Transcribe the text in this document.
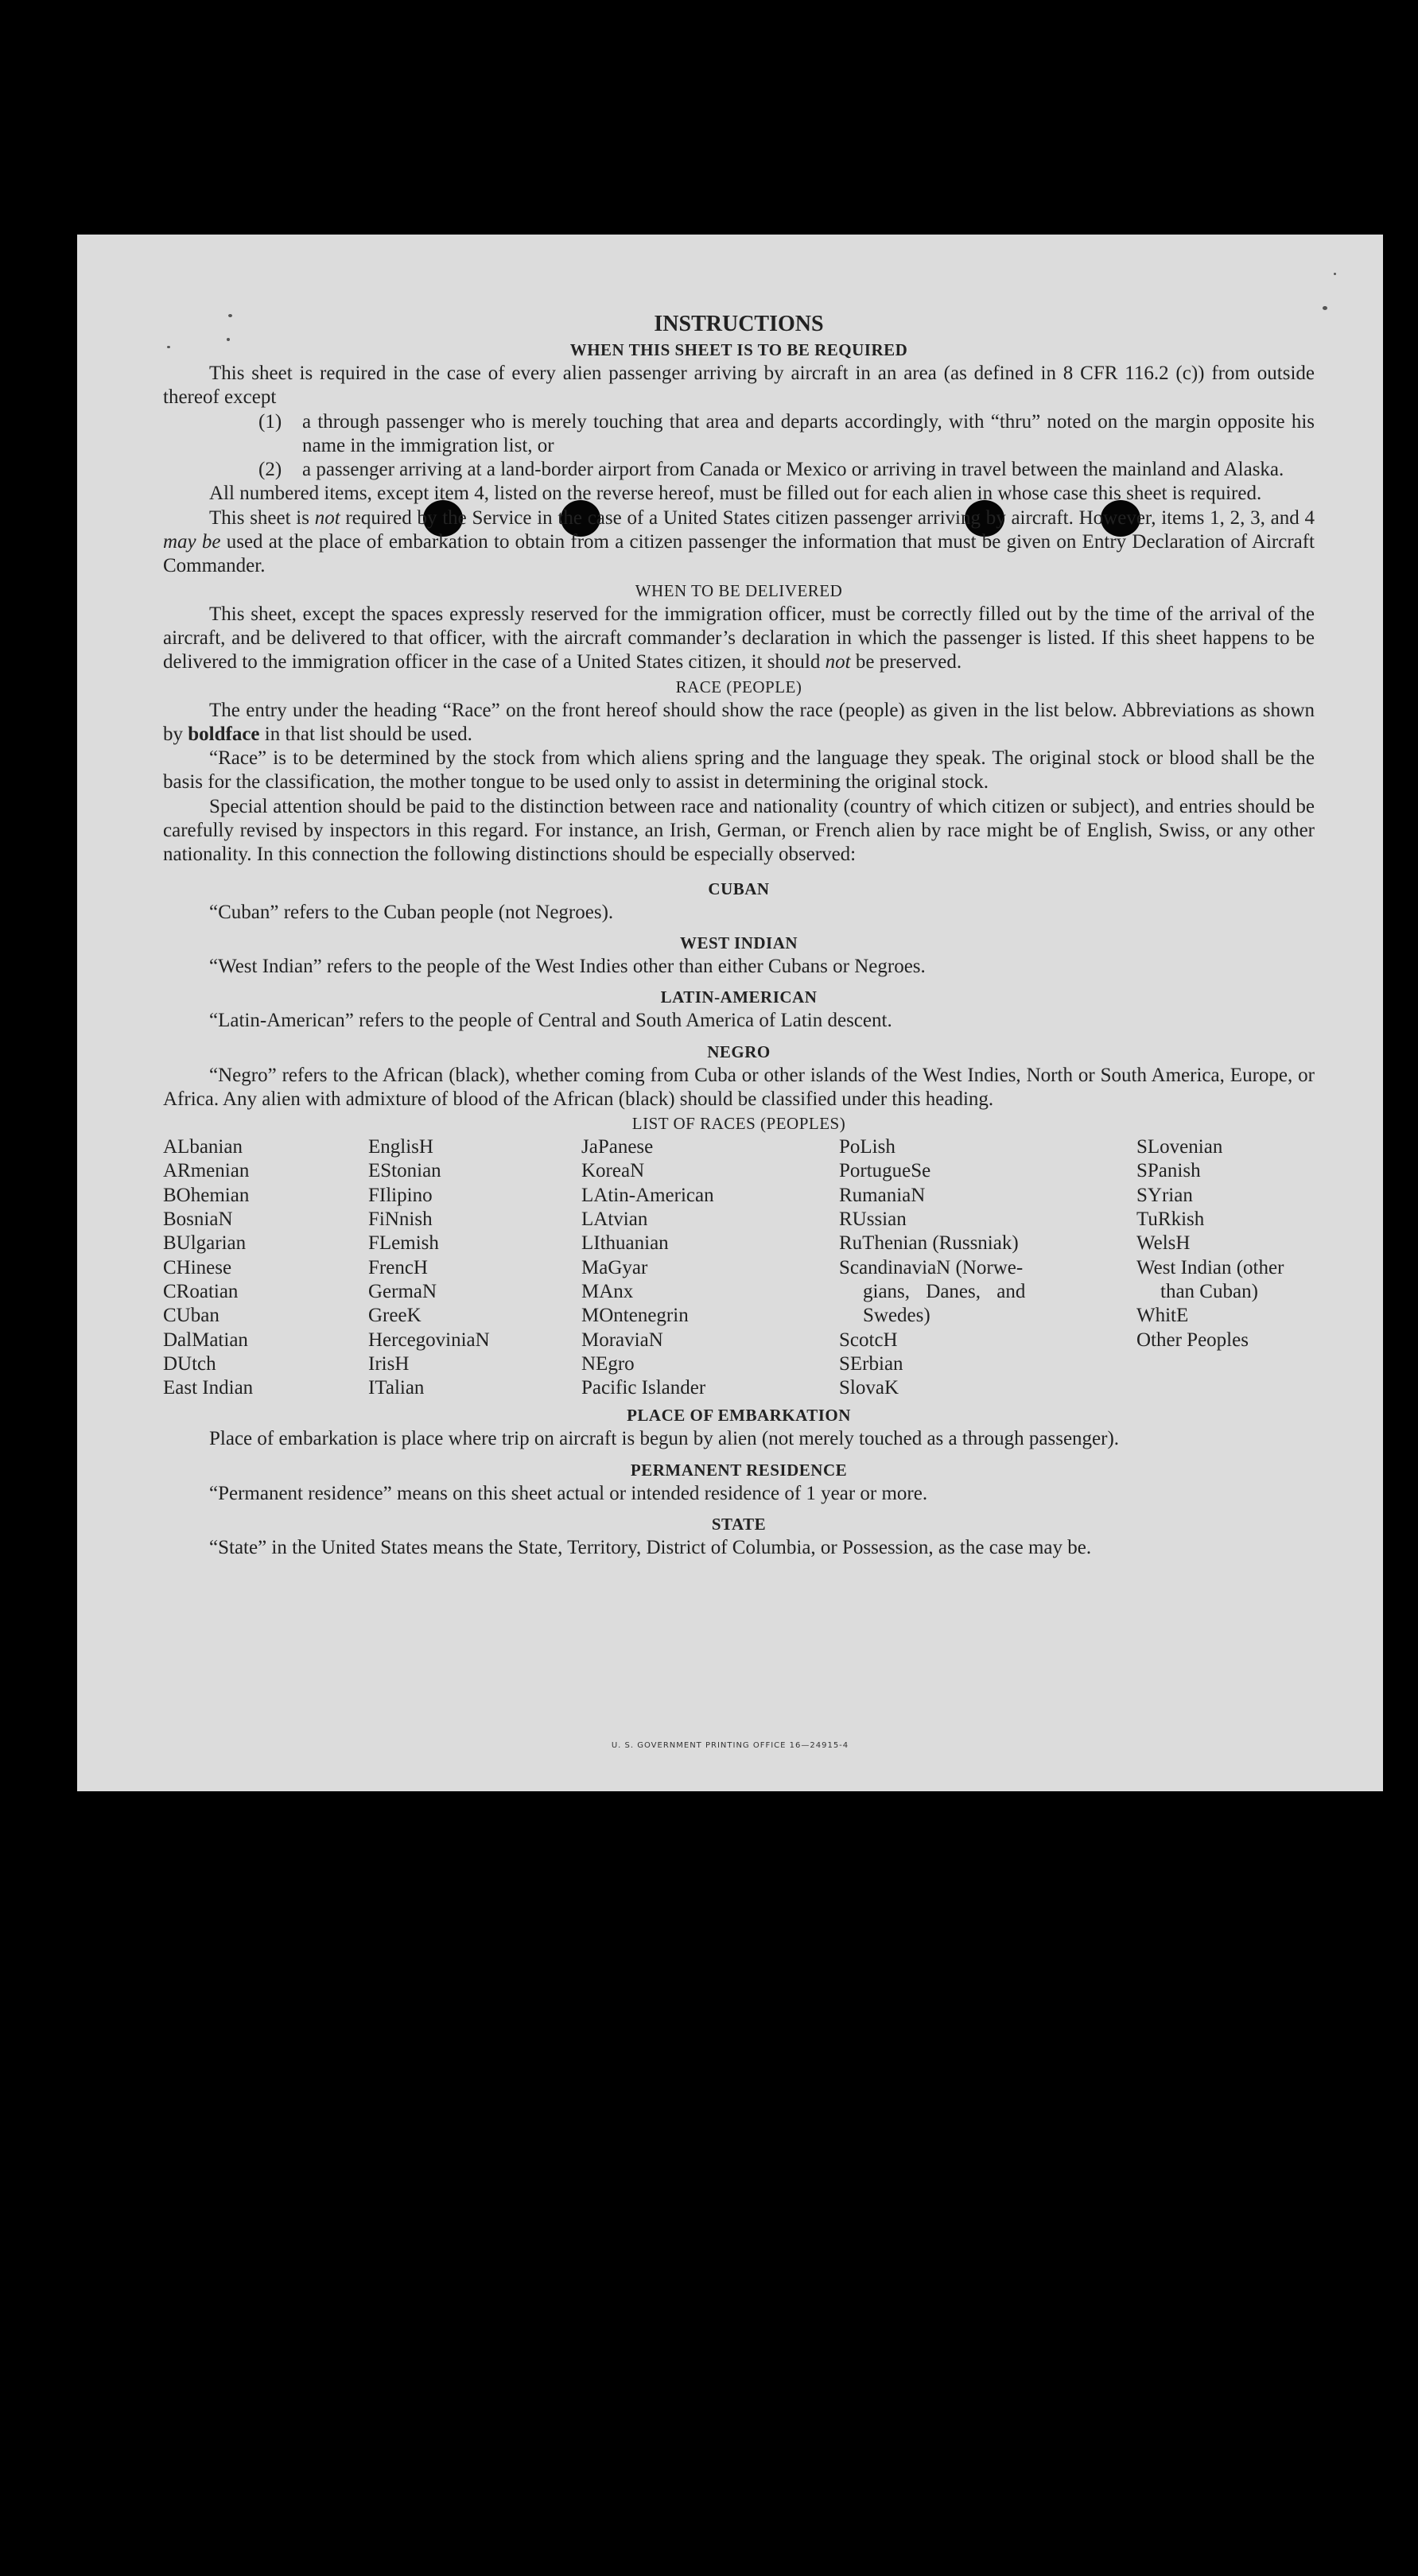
U. S. GOVERNMENT PRINTING OFFICE 16—24915-4

INSTRUCTIONS

WHEN THIS SHEET IS TO BE REQUIRED

This sheet is required in the case of every alien passenger arriving by aircraft in an area (as defined in 8 CFR 116.2 (c)) from outside thereof except

(1) a through passenger who is merely touching that area and departs accordingly, with “thru” noted on the margin opposite his name in the immigration list, or
(2) a passenger arriving at a land-border airport from Canada or Mexico or arriving in travel between the mainland and Alaska.

All numbered items, except item 4, listed on the reverse hereof, must be filled out for each alien in whose case this sheet is required.

This sheet is not required by the Service in the case of a United States citizen passenger arriving by aircraft. However, items 1, 2, 3, and 4 may be used at the place of embarkation to obtain from a citizen passenger the information that must be given on Entry Declaration of Aircraft Commander.

WHEN TO BE DELIVERED

This sheet, except the spaces expressly reserved for the immigration officer, must be correctly filled out by the time of the arrival of the aircraft, and be delivered to that officer, with the aircraft commander’s declaration in which the passenger is listed. If this sheet happens to be delivered to the immigration officer in the case of a United States citizen, it should not be preserved.

RACE (PEOPLE)

The entry under the heading “Race” on the front hereof should show the race (people) as given in the list below. Abbreviations as shown by boldface in that list should be used.

“Race” is to be determined by the stock from which aliens spring and the language they speak. The original stock or blood shall be the basis for the classification, the mother tongue to be used only to assist in determining the original stock.

Special attention should be paid to the distinction between race and nationality (country of which citizen or subject), and entries should be carefully revised by inspectors in this regard. For instance, an Irish, German, or French alien by race might be of English, Swiss, or any other nationality. In this connection the following distinctions should be especially observed:

CUBAN

“Cuban” refers to the Cuban people (not Negroes).

WEST INDIAN

“West Indian” refers to the people of the West Indies other than either Cubans or Negroes.

LATIN-AMERICAN

“Latin-American” refers to the people of Central and South America of Latin descent.

NEGRO

“Negro” refers to the African (black), whether coming from Cuba or other islands of the West Indies, North or South America, Europe, or Africa. Any alien with admixture of blood of the African (black) should be classified under this heading.

LIST OF RACES (PEOPLES)

ALbanian
ARmenian
BOhemian
BosniaN
BUlgarian
CHinese
CRoatian
CUban
DalMatian
DUtch
East Indian
EnglisH
EStonian
FIlipino
FiNnish
FLemish
FrencH
GermaN
GreeK
HercegoviniaN
IrisH
ITalian
JaPanese
KoreaN
LAtin-American
LAtvian
LIthuanian
MaGyar
MAnx
MOntenegrin
MoraviaN
NEgro
Pacific Islander
PoLish
PortugueSe
RumaniaN
RUssian
RuThenian (Russniak)
ScandinaviaN (Norwe-
gians, Danes, and
Swedes)
ScotcH
SErbian
SlovaK
SLovenian
SPanish
SYrian
TuRkish
WelsH
West Indian (other
than Cuban)
WhitE
Other Peoples

PLACE OF EMBARKATION

Place of embarkation is place where trip on aircraft is begun by alien (not merely touched as a through passenger).

PERMANENT RESIDENCE

“Permanent residence” means on this sheet actual or intended residence of 1 year or more.

STATE

“State” in the United States means the State, Territory, District of Columbia, or Possession, as the case may be.
